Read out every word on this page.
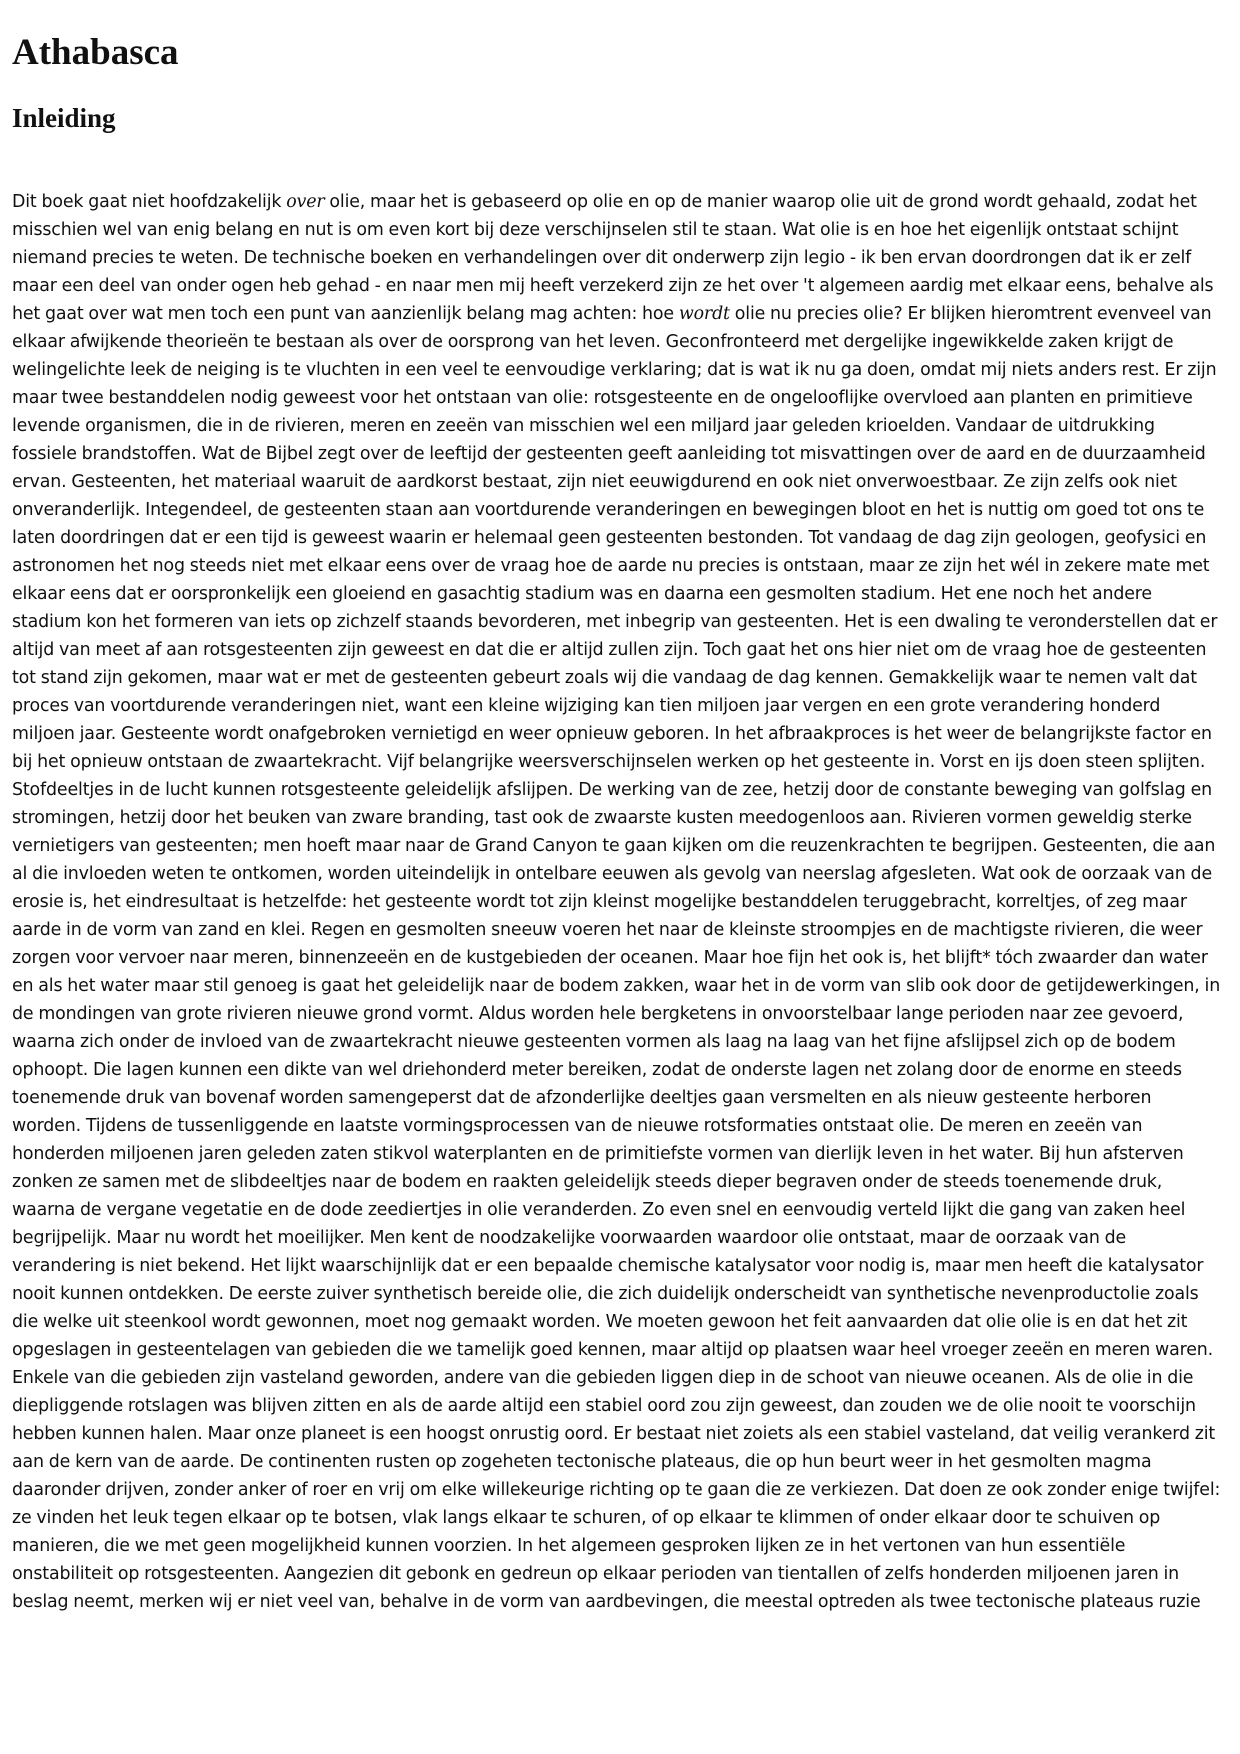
Athabasca
Inleiding

Dit boek gaat niet hoofdzakelijk over olie, maar het is gebaseerd op olie en op de manier waarop olie uit de grond wordt gehaald, zodat het misschien wel van enig belang en nut is om even kort bij deze verschijnselen stil te staan. Wat olie is en hoe het eigenlijk ontstaat schijnt niemand precies te weten. De technische boeken en verhandelingen over dit onderwerp zijn legio - ik ben ervan doordrongen dat ik er zelf maar een deel van onder ogen heb gehad - en naar men mij heeft verzekerd zijn ze het over 't algemeen aardig met elkaar eens, behalve als het gaat over wat men toch een punt van aanzienlijk belang mag achten: hoe wordt olie nu precies olie? Er blijken hieromtrent evenveel van elkaar afwijkende theorieën te bestaan als over de oorsprong van het leven. Geconfronteerd met dergelijke ingewikkelde zaken krijgt de welingelichte leek de neiging is te vluchten in een veel te eenvoudige verklaring; dat is wat ik nu ga doen, omdat mij niets anders rest. Er zijn maar twee bestanddelen nodig geweest voor het ontstaan van olie: rotsgesteente en de ongelooflijke overvloed aan planten en primitieve levende organismen, die in de rivieren, meren en zeeën van misschien wel een miljard jaar geleden krioelden. Vandaar de uitdrukking fossiele brandstoffen. Wat de Bijbel zegt over de leeftijd der gesteenten geeft aanleiding tot misvattingen over de aard en de duurzaamheid ervan. Gesteenten, het materiaal waaruit de aardkorst bestaat, zijn niet eeuwigdurend en ook niet onverwoestbaar. Ze zijn zelfs ook niet onveranderlijk. Integendeel, de gesteenten staan aan voortdurende veranderingen en bewegingen bloot en het is nuttig om goed tot ons te laten doordringen dat er een tijd is geweest waarin er helemaal geen gesteenten bestonden. Tot vandaag de dag zijn geologen, geofysici en astronomen het nog steeds niet met elkaar eens over de vraag hoe de aarde nu precies is ontstaan, maar ze zijn het wél in zekere mate met elkaar eens dat er oorspronkelijk een gloeiend en gasachtig stadium was en daarna een gesmolten stadium. Het ene noch het andere stadium kon het formeren van iets op zichzelf staands bevorderen, met inbegrip van gesteenten. Het is een dwaling te veronderstellen dat er altijd van meet af aan rotsgesteenten zijn geweest en dat die er altijd zullen zijn. Toch gaat het ons hier niet om de vraag hoe de gesteenten tot stand zijn gekomen, maar wat er met de gesteenten gebeurt zoals wij die vandaag de dag kennen. Gemakkelijk waar te nemen valt dat proces van voortdurende veranderingen niet, want een kleine wijziging kan tien miljoen jaar vergen en een grote verandering honderd miljoen jaar. Gesteente wordt onafgebroken vernietigd en weer opnieuw geboren. In het afbraakproces is het weer de belangrijkste factor en bij het opnieuw ontstaan de zwaartekracht. Vijf belangrijke weersverschijnselen werken op het gesteente in. Vorst en ijs doen steen splijten. Stofdeeltjes in de lucht kunnen rotsgesteente geleidelijk afslijpen. De werking van de zee, hetzij door de constante beweging van golfslag en stromingen, hetzij door het beuken van zware branding, tast ook de zwaarste kusten meedogenloos aan. Rivieren vormen geweldig sterke vernietigers van gesteenten; men hoeft maar naar de Grand Canyon te gaan kijken om die reuzenkrachten te begrijpen. Gesteenten, die aan al die invloeden weten te ontkomen, worden uiteindelijk in ontelbare eeuwen als gevolg van neerslag afgesleten. Wat ook de oorzaak van de erosie is, het eindresultaat is hetzelfde: het gesteente wordt tot zijn kleinst mogelijke bestanddelen teruggebracht, korreltjes, of zeg maar aarde in de vorm van zand en klei. Regen en gesmolten sneeuw voeren het naar de kleinste stroompjes en de machtigste rivieren, die weer zorgen voor vervoer naar meren, binnenzeeën en de kustgebieden der oceanen. Maar hoe fijn het ook is, het blijft* tóch zwaarder dan water en als het water maar stil genoeg is gaat het geleidelijk naar de bodem zakken, waar het in de vorm van slib ook door de getijdewerkingen, in de mondingen van grote rivieren nieuwe grond vormt. Aldus worden hele bergketens in onvoorstelbaar lange perioden naar zee gevoerd, waarna zich onder de invloed van de zwaartekracht nieuwe gesteenten vormen als laag na laag van het fijne afslijpsel zich op de bodem ophoopt. Die lagen kunnen een dikte van wel driehonderd meter bereiken, zodat de onderste lagen net zolang door de enorme en steeds toenemende druk van bovenaf worden samengeperst dat de afzonderlijke deeltjes gaan versmelten en als nieuw gesteente herboren worden. Tijdens de tussenliggende en laatste vormingsprocessen van de nieuwe rotsformaties ontstaat olie. De meren en zeeën van honderden miljoenen jaren geleden zaten stikvol waterplanten en de primitiefste vormen van dierlijk leven in het water. Bij hun afsterven zonken ze samen met de slibdeeltjes naar de bodem en raakten geleidelijk steeds dieper begraven onder de steeds toenemende druk, waarna de vergane vegetatie en de dode zeediertjes in olie veranderden. Zo even snel en eenvoudig verteld lijkt die gang van zaken heel begrijpelijk. Maar nu wordt het moeilijker. Men kent de noodzakelijke voorwaarden waardoor olie ontstaat, maar de oorzaak van de verandering is niet bekend. Het lijkt waarschijnlijk dat er een bepaalde chemische katalysator voor nodig is, maar men heeft die katalysator nooit kunnen ontdekken. De eerste zuiver synthetisch bereide olie, die zich duidelijk onderscheidt van synthetische nevenproductolie zoals die welke uit steenkool wordt gewonnen, moet nog gemaakt worden. We moeten gewoon het feit aanvaarden dat olie olie is en dat het zit opgeslagen in gesteentelagen van gebieden die we tamelijk goed kennen, maar altijd op plaatsen waar heel vroeger zeeën en meren waren. Enkele van die gebieden zijn vasteland geworden, andere van die gebieden liggen diep in de schoot van nieuwe oceanen. Als de olie in die diepliggende rotslagen was blijven zitten en als de aarde altijd een stabiel oord zou zijn geweest, dan zouden we de olie nooit te voorschijn hebben kunnen halen. Maar onze planeet is een hoogst onrustig oord. Er bestaat niet zoiets als een stabiel vasteland, dat veilig verankerd zit aan de kern van de aarde. De continenten rusten op zogeheten tectonische plateaus, die op hun beurt weer in het gesmolten magma daaronder drijven, zonder anker of roer en vrij om elke willekeurige richting op te gaan die ze verkiezen. Dat doen ze ook zonder enige twijfel: ze vinden het leuk tegen elkaar op te botsen, vlak langs elkaar te schuren, of op elkaar te klimmen of onder elkaar door te schuiven op manieren, die we met geen mogelijkheid kunnen voorzien. In het algemeen gesproken lijken ze in het vertonen van hun essentiële onstabiliteit op rotsgesteenten. Aangezien dit gebonk en gedreun op elkaar perioden van tientallen of zelfs honderden miljoenen jaren in beslag neemt, merken wij er niet veel van, behalve in de vorm van aardbevingen, die meestal optreden als twee tectonische plateaus ruzie
